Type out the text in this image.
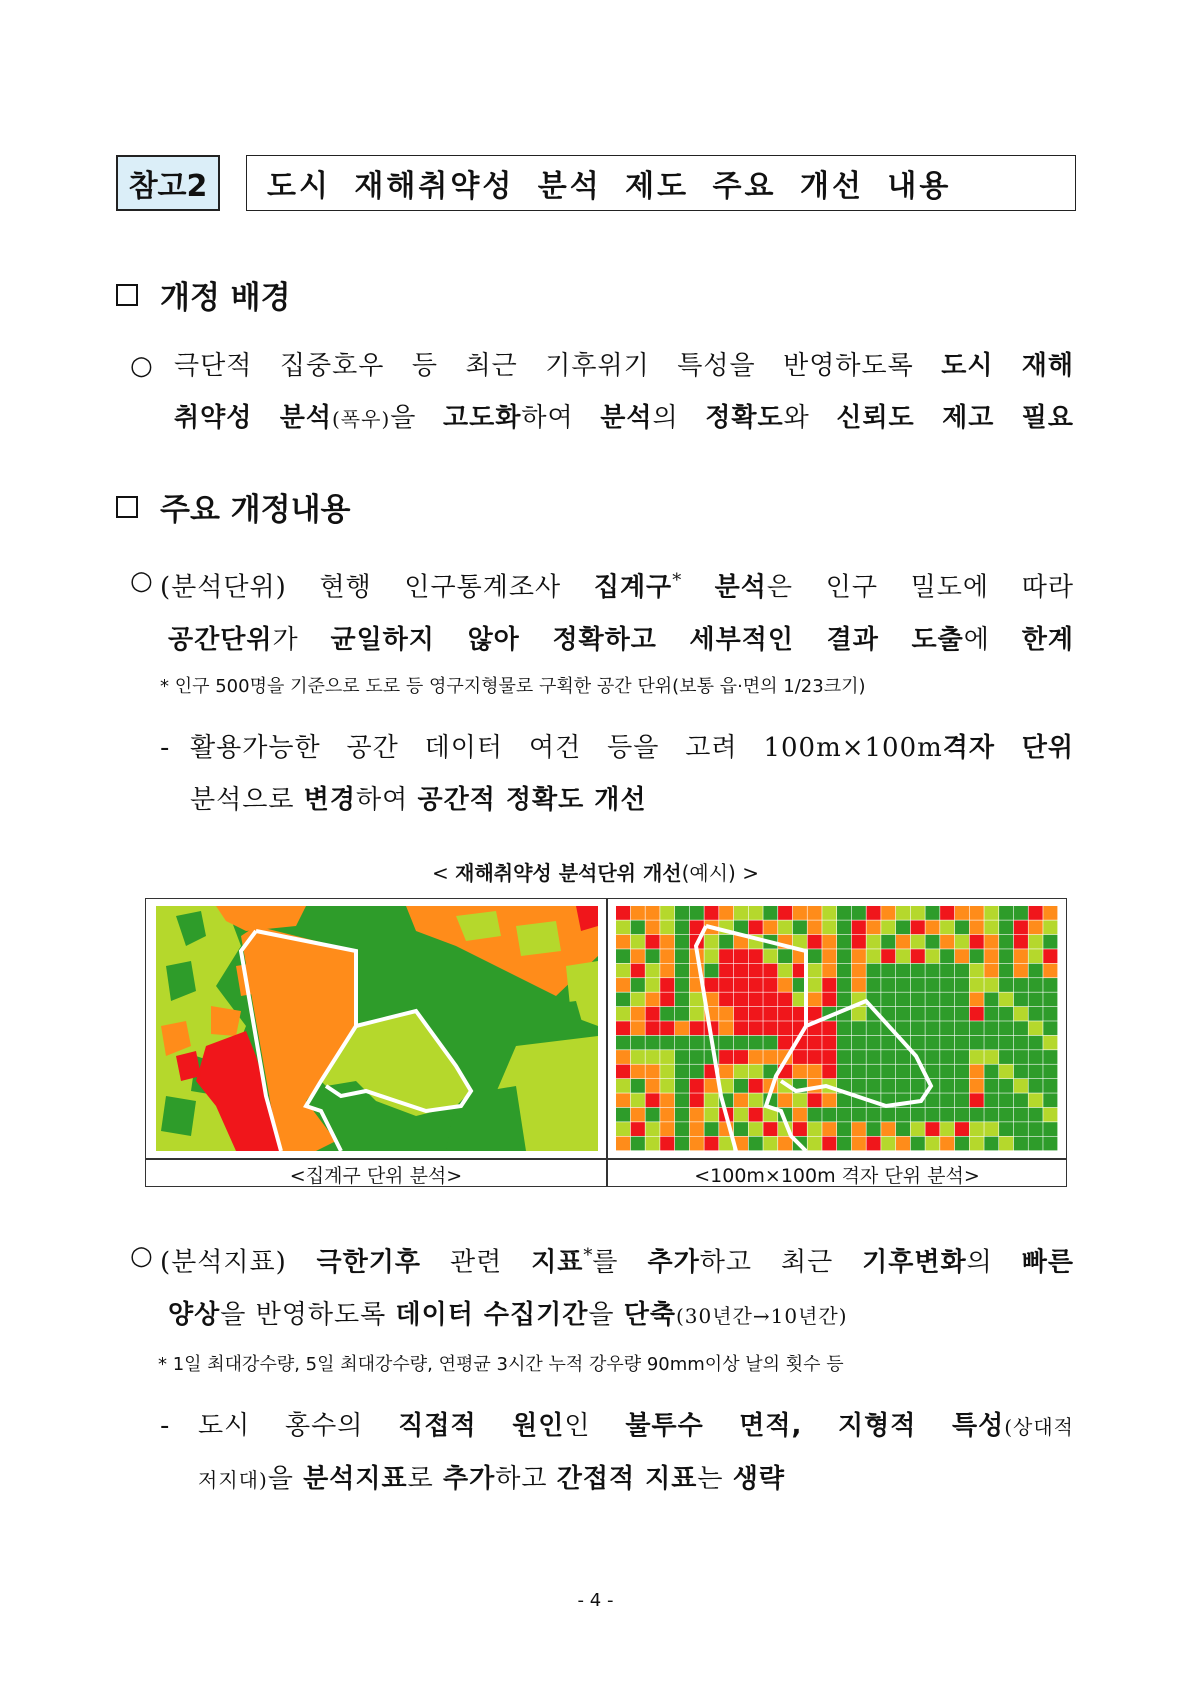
참고2	도시 재해취약성 분석 제도 주요 개선 내용
개정 배경
○ 극단적 집중호우 등 최근 기후위기 특성을 반영하도록 도시 재해
취약성 분석(폭우)을 고도화하여 분석의 정확도와 신뢰도 제고 필요
주요 개정내용
○ (분석단위) 현행 인구통계조사 집계구* 분석은 인구 밀도에 따라
공간단위가 균일하지 않아 정확하고 세부적인 결과 도출에 한계
* 인구 500명을 기준으로 도로 등 영구지형물로 구획한 공간 단위(보통 읍·면의 1/23크기)
- 활용가능한 공간 데이터 여건 등을 고려 100m×100m격자 단위
분석으로 변경하여 공간적 정확도 개선
< 재해취약성 분석단위 개선(예시) >
<집계구 단위 분석>	<100m×100m 격자 단위 분석>
○ (분석지표) 극한기후 관련 지표*를 추가하고 최근 기후변화의 빠른
양상을 반영하도록 데이터 수집기간을 단축(30년간→10년간)
* 1일 최대강수량, 5일 최대강수량, 연평균 3시간 누적 강우량 90mm이상 날의 횟수 등
- 도시 홍수의 직접적 원인인 불투수 면적, 지형적 특성(상대적
저지대)을 분석지표로 추가하고 간접적 지표는 생략
- 4 -
